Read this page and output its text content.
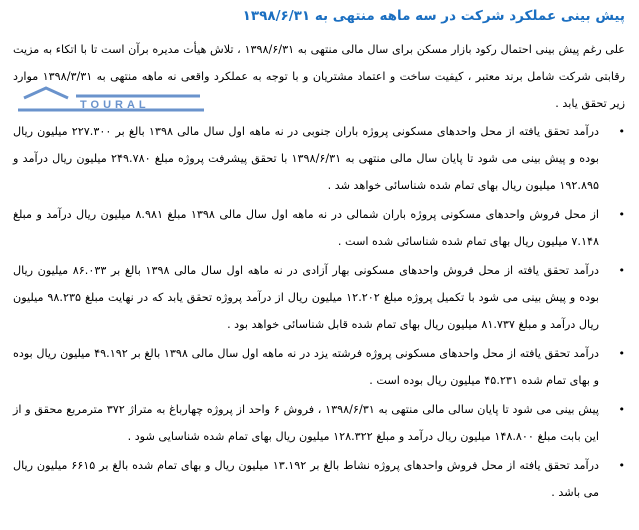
پیش بینی عملکرد شرکت در سه ماهه منتهی به ۱۳۹۸/۶/۳۱

علی رغم پیش بینی احتمال رکود بازار مسکن برای سال مالی منتهی به ۱۳۹۸/۶/۳۱ ، تلاش هیأت مدیره برآن است تا با اتکاء به مزیت رقابتی شرکت شامل برند معتبر ، کیفیت ساخت و اعتماد مشتریان و با توجه به عملکرد واقعی نه ماهه منتهی به ۱۳۹۸/۳/۳۱ موارد زیر تحقق یابد .

TOURAL
•
درآمد تحقق یافته از محل واحدهای مسکونی پروژه باران جنوبی در نه ماهه اول سال مالی ۱۳۹۸ بالغ بر ۲۲۷.۳۰۰ میلیون ریال بوده و پیش بینی می شود تا پایان سال مالی منتهی به ۱۳۹۸/۶/۳۱ با تحقق پیشرفت پروژه مبلغ ۲۴۹.۷۸۰ میلیون ریال درآمد و ۱۹۲.۸۹۵ میلیون ریال بهای تمام شده شناسائی خواهد شد .
•
از محل فروش واحدهای مسکونی پروژه باران شمالی در نه ماهه اول سال مالی ۱۳۹۸ مبلغ ۸.۹۸۱ میلیون ریال درآمد و مبلغ ۷.۱۴۸ میلیون ریال بهای تمام شده شناسائی شده است .
•
درآمد تحقق یافته از محل فروش واحدهای مسکونی بهار آزادی در نه ماهه اول سال مالی ۱۳۹۸ بالغ بر ۸۶.۰۳۳ میلیون ریال بوده و پیش بینی می شود با تکمیل پروژه مبلغ ۱۲.۲۰۲ میلیون ریال از درآمد پروژه تحقق یابد که در نهایت مبلغ ۹۸.۲۳۵ میلیون ریال درآمد و مبلغ ۸۱.۷۳۷ میلیون ریال بهای تمام شده قابل شناسائی خواهد بود .
•
درآمد تحقق یافته از محل واحدهای مسکونی پروژه فرشته یزد در نه ماهه اول سال مالی ۱۳۹۸ بالغ بر ۴۹.۱۹۲ میلیون ریال بوده و بهای تمام شده ۴۵.۲۳۱ میلیون ریال بوده است .
•
پیش بینی می شود تا پایان سالی مالی منتهی به ۱۳۹۸/۶/۳۱ ، فروش ۶ واحد از پروژه چهارباغ به متراژ ۳۷۲ مترمربع محقق و از این بابت مبلغ ۱۴۸.۸۰۰ میلیون ریال درآمد و مبلغ ۱۲۸.۳۲۲ میلیون ریال بهای تمام شده شناسایی شود .
•
درآمد تحقق یافته از محل فروش واحدهای پروژه نشاط بالغ بر ۱۳.۱۹۲ میلیون ریال و بهای تمام شده بالغ بر ۶۶۱۵ میلیون ریال می باشد .
